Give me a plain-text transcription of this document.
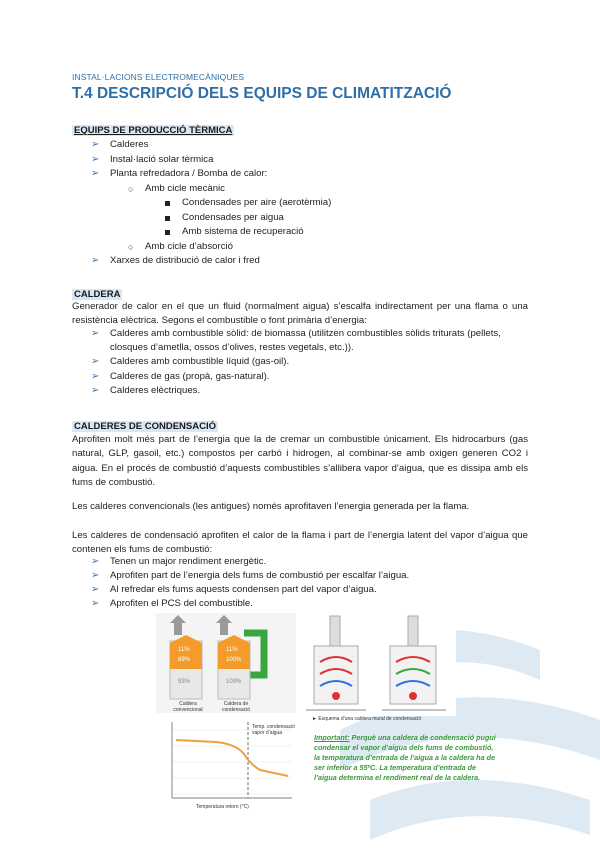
INSTAL·LACIONS ELECTROMECÀNIQUES
T.4 DESCRIPCIÓ DELS EQUIPS DE CLIMATITZACIÓ
EQUIPS DE PRODUCCIÓ TÈRMICA
➢ Calderes
➢ Instal·lació solar tèrmica
➢ Planta refredadora / Bomba de calor:
○ Amb cicle mecànic
Condensades per aire (aerotèrmia)
Condensades per aigua
Amb sistema de recuperació
○ Amb cicle d’absorció
➢ Xarxes de distribució de calor i fred
CALDERA
Generador de calor en el que un fluid (normalment aigua) s’escalfa indirectament per una flama o una resistència elèctrica. Segons el combustible o font primària d’energia:
➢ Calderes amb combustible sòlid: de biomassa (utilitzen combustibles sòlids triturats (pellets, closques d’ametlla, ossos d’olives, restes vegetals, etc.)).
➢ Calderes amb combustible líquid (gas-oil).
➢ Calderes de gas (propà, gas-natural).
➢ Calderes elèctriques.
CALDERES DE CONDENSACIÓ
Aprofiten molt més part de l’energia que la de cremar un combustible únicament. Els hidrocarburs (gas natural, GLP, gasoil, etc.) compostos per carbó i hidrogen, al combinar-se amb oxigen generen CO2 i aigua. En el procés de combustió d’aquests combustibles s’allibera vapor d’aigua, que es dissipa amb els fums de combustió.
Les calderes convencionals (les antigues) només aprofitaven l’energia generada per la flama.
Les calderes de condensació aprofiten el calor de la flama i part de l’energia latent del vapor d’aigua que contenen els fums de combustió:
➢ Tenen un major rendiment energètic.
➢ Aprofiten part de l’energia dels fums de combustió per escalfar l’aigua.
➢ Al refredar els fums aquests condensen part del vapor d’aigua.
➢ Aprofiten el PCS del combustible.
11%
89%
93%
11%
100%
109%
Caldera convencional
Caldera de condensació
► Esquema d’una caldera mural de condensació
Temp. condensació vapor d’aigua
Temperatura retorn (°C)
Important: Perquè una caldera de condensació pugui condensar el vapor d’aigua dels fums de combustió, la temperatura d’entrada de l’aigua a la caldera ha de ser inferior a 55ºC. La temperatura d’entrada de l’aigua determina el rendiment real de la caldera.
